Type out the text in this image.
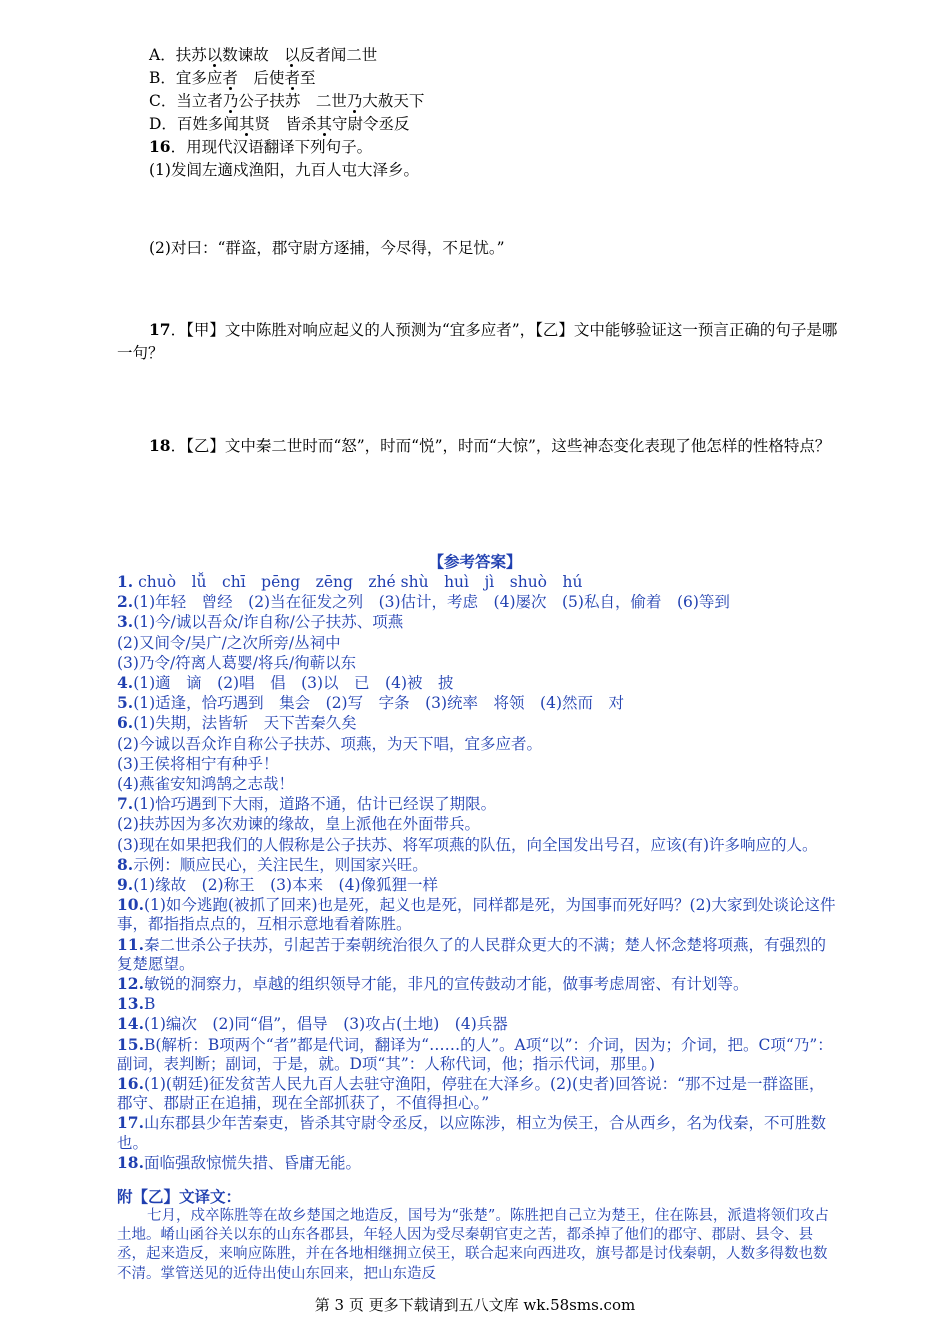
A．扶苏以数谏故　以反者闻二世
B．宜多应者　后使者至
C．当立者乃公子扶苏　二世乃大赦天下
D．百姓多闻其贤　皆杀其守尉令丞反
16．用现代汉语翻译下列句子。
(1)发闾左適戍渔阳，九百人屯大泽乡。
(2)对曰：“群盗，郡守尉方逐捕，今尽得，不足忧。”
17．【甲】文中陈胜对响应起义的人预测为“宜多应者”，【乙】文中能够验证这一预言正确的句子是哪一句？
18．【乙】文中秦二世时而“怒”，时而“悦”，时而“大惊”，这些神态变化表现了他怎样的性格特点？
【参考答案】
1. chuò　lǚ　chī　pēng　zēng　zhé shù　huì　jì　shuò　hú
2.(1)年轻　曾经　(2)当在征发之列　(3)估计，考虑　(4)屡次　(5)私自，偷着　(6)等到
3.(1)今/诚以吾众/诈自称/公子扶苏、项燕
(2)又间令/吴广/之次所旁/丛祠中
(3)乃令/符离人葛婴/将兵/徇蕲以东
4.(1)適　谪　(2)唱　倡　(3)以　已　(4)被　披
5.(1)适逢，恰巧遇到　集会　(2)写　字条　(3)统率　将领　(4)然而　对
6.(1)失期，法皆斩　天下苦秦久矣
(2)今诚以吾众诈自称公子扶苏、项燕，为天下唱，宜多应者。
(3)王侯将相宁有种乎！
(4)燕雀安知鸿鹄之志哉！
7.(1)恰巧遇到下大雨，道路不通，估计已经误了期限。
(2)扶苏因为多次劝谏的缘故，皇上派他在外面带兵。
(3)现在如果把我们的人假称是公子扶苏、将军项燕的队伍，向全国发出号召，应该(有)许多响应的人。
8.示例：顺应民心，关注民生，则国家兴旺。
9.(1)缘故　(2)称王　(3)本来　(4)像狐狸一样
10.(1)如今逃跑(被抓了回来)也是死，起义也是死，同样都是死，为国事而死好吗？(2)大家到处谈论这件事，都指指点点的，互相示意地看着陈胜。
11.秦二世杀公子扶苏，引起苦于秦朝统治很久了的人民群众更大的不满；楚人怀念楚将项燕，有强烈的复楚愿望。
12.敏锐的洞察力，卓越的组织领导才能，非凡的宣传鼓动才能，做事考虑周密、有计划等。
13.B
14.(1)编次　(2)同“倡”，倡导　(3)攻占(土地)　(4)兵器
15.B(解析：B项两个“者”都是代词，翻译为“……的人”。A项“以”：介词，因为；介词，把。C项“乃”：副词，表判断；副词，于是，就。D项“其”：人称代词，他；指示代词，那里。)
16.(1)(朝廷)征发贫苦人民九百人去驻守渔阳，停驻在大泽乡。(2)(史者)回答说：“那不过是一群盗匪，郡守、郡尉正在追捕，现在全部抓获了，不值得担心。”
17.山东郡县少年苦秦吏，皆杀其守尉令丞反，以应陈涉，相立为侯王，合从西乡，名为伐秦，不可胜数也。
18.面临强敌惊慌失措、昏庸无能。
附【乙】文译文：
七月，戍卒陈胜等在故乡楚国之地造反，国号为“张楚”。陈胜把自己立为楚王，住在陈县，派遣将领们攻占土地。崤山函谷关以东的山东各郡县，年轻人因为受尽秦朝官吏之苦，都杀掉了他们的郡守、郡尉、县令、县丞，起来造反，来响应陈胜，并在各地相继拥立侯王，联合起来向西进攻，旗号都是讨伐秦朝，人数多得数也数不清。掌管送见的近侍出使山东回来，把山东造反
第 3 页 更多下载请到五八文库 wk.58sms.com
